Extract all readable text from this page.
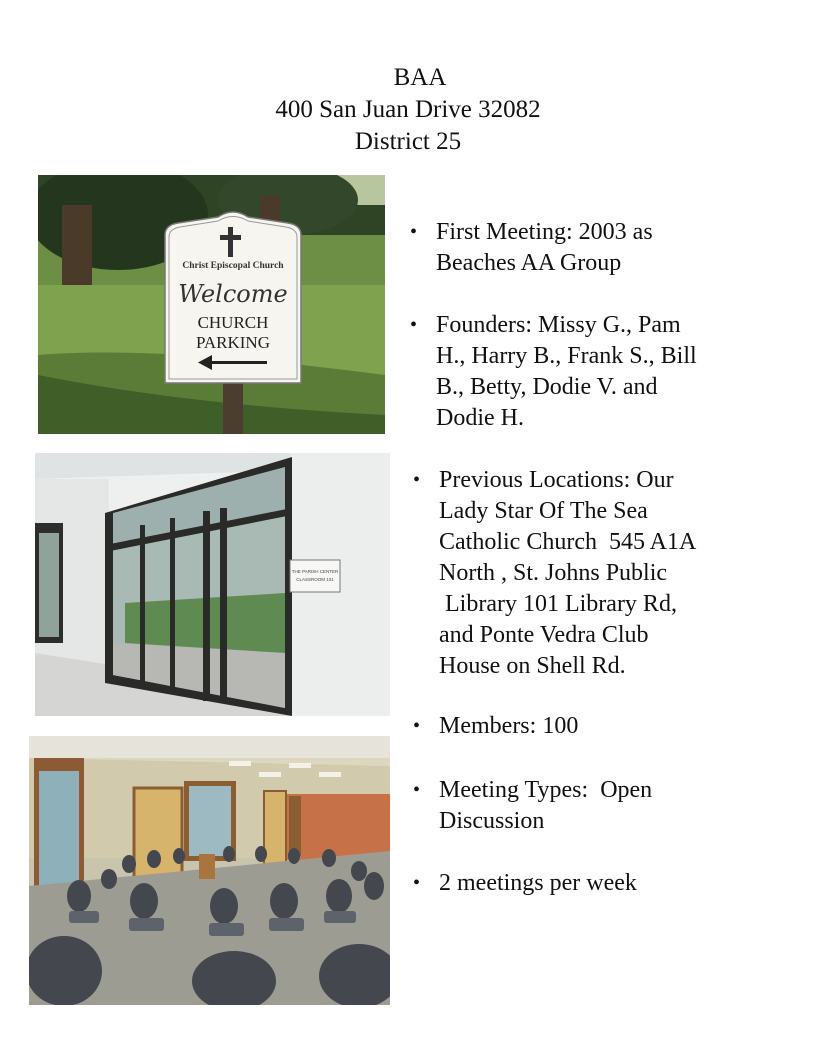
BAA
400 San Juan Drive 32082
District 25
Christ Episcopal Church
Welcome
CHURCH
PARKING
THE PARISH CENTER
CLASSROOM 101
• First Meeting: 2003 as
Beaches AA Group
• Founders: Missy G., Pam
H., Harry B., Frank S., Bill
B., Betty, Dodie V. and
Dodie H.
• Previous Locations: Our
Lady Star Of The Sea
Catholic Church  545 A1A
North , St. Johns Public
Library 101 Library Rd,
and Ponte Vedra Club
House on Shell Rd.
• Members: 100
• Meeting Types:  Open
Discussion
• 2 meetings per week
